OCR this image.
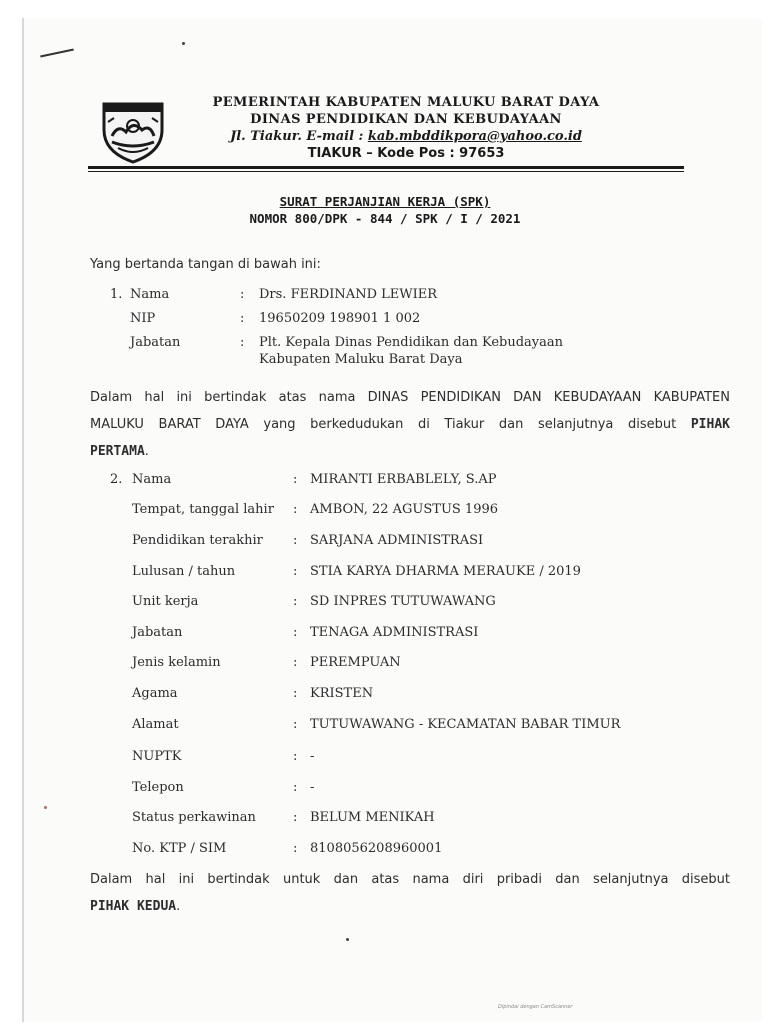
PEMERINTAH KABUPATEN MALUKU BARAT DAYA
DINAS PENDIDIKAN DAN KEBUDAYAAN
Jl. Tiakur. E-mail : kab.mbddikpora@yahoo.co.id
TIAKUR – Kode Pos : 97653
SURAT PERJANJIAN KERJA (SPK)
NOMOR 800/DPK - 844 / SPK / I / 2021
Yang bertanda tangan di bawah ini:
1. Nama	: Drs. FERDINAND LEWIER
NIP	: 19650209 198901 1 002
Jabatan	: Plt. Kepala Dinas Pendidikan dan Kebudayaan
Kabupaten Maluku Barat Daya
Dalam hal ini bertindak atas nama DINAS PENDIDIKAN DAN KEBUDAYAAN KABUPATEN
MALUKU BARAT DAYA yang berkedudukan di Tiakur dan selanjutnya disebut PIHAK
PERTAMA.
2. Nama	: MIRANTI ERBABLELY, S.AP
Tempat, tanggal lahir : AMBON, 22 AGUSTUS 1996
Pendidikan terakhir : SARJANA ADMINISTRASI
Lulusan / tahun	: STIA KARYA DHARMA MERAUKE / 2019
Unit kerja	: SD INPRES TUTUWAWANG
Jabatan	: TENAGA ADMINISTRASI
Jenis kelamin	: PEREMPUAN
Agama	: KRISTEN
Alamat	: TUTUWAWANG - KECAMATAN BABAR TIMUR
NUPTK	: -
Telepon	: -
Status perkawinan	: BELUM MENIKAH
No. KTP / SIM	: 8108056208960001
Dalam hal ini bertindak untuk dan atas nama diri pribadi dan selanjutnya disebut
PIHAK KEDUA.
Dipindai dengan CamScanner
